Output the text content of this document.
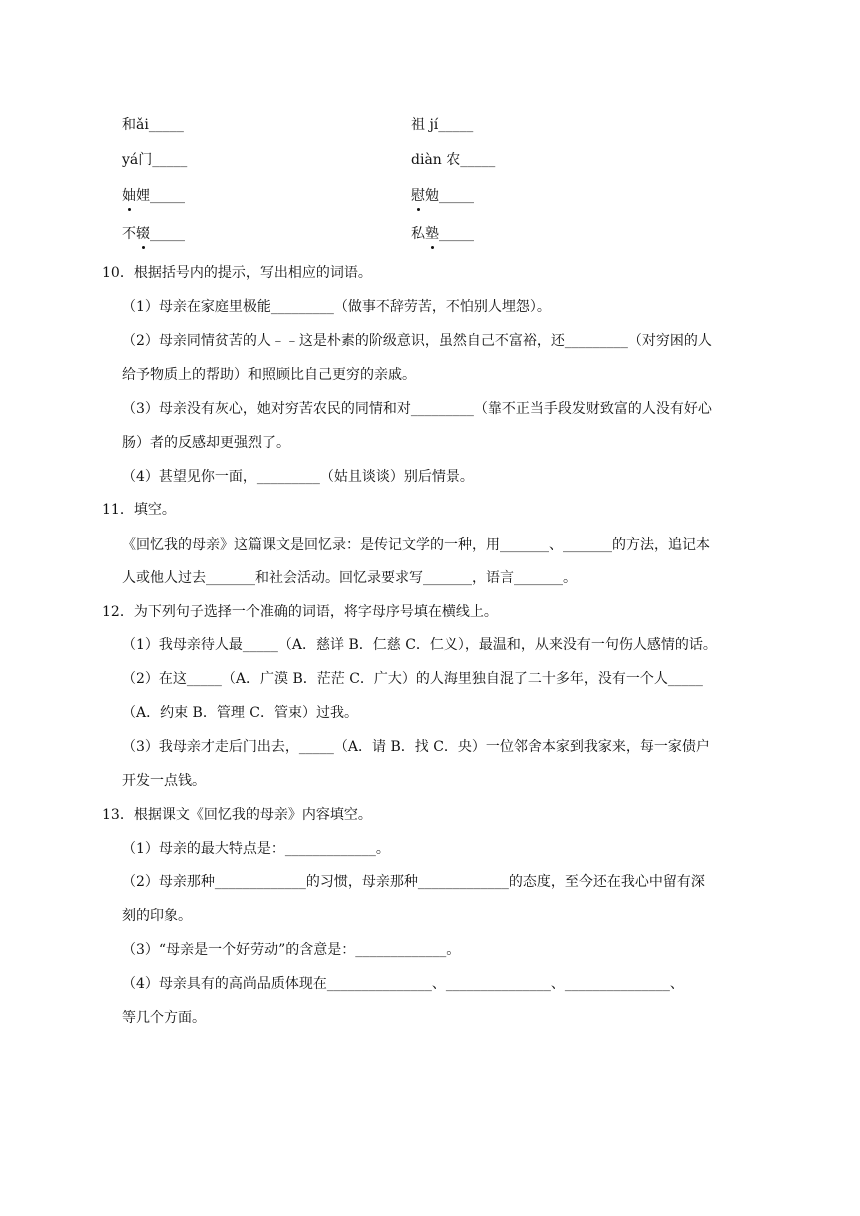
和ǎi_____	祖 jí_____
yá门_____	diàn 农_____
妯娌_____	慰勉_____
不辍_____	私塾_____
10．根据括号内的提示，写出相应的词语。
（1）母亲在家庭里极能_________（做事不辞劳苦，不怕别人埋怨）。
（2）母亲同情贫苦的人﹣﹣这是朴素的阶级意识，虽然自己不富裕，还_________（对穷困的人
给予物质上的帮助）和照顾比自己更穷的亲戚。
（3）母亲没有灰心，她对穷苦农民的同情和对_________（靠不正当手段发财致富的人没有好心
肠）者的反感却更强烈了。
（4）甚望见你一面，_________（姑且谈谈）别后情景。
11．填空。
《回忆我的母亲》这篇课文是回忆录：是传记文学的一种，用_______、_______的方法，追记本
人或他人过去_______和社会活动。回忆录要求写_______，语言_______。
12．为下列句子选择一个准确的词语，将字母序号填在横线上。
（1）我母亲待人最_____（A．慈详 B．仁慈 C．仁义），最温和，从来没有一句伤人感情的话。
（2）在这_____（A．广漠 B．茫茫 C．广大）的人海里独自混了二十多年，没有一个人_____
（A．约束 B．管理 C．管束）过我。
（3）我母亲才走后门出去，_____（A．请 B．找 C．央）一位邻舍本家到我家来，每一家债户
开发一点钱。
13．根据课文《回忆我的母亲》内容填空。
（1）母亲的最大特点是：_____________。
（2）母亲那种_____________的习惯，母亲那种_____________的态度，至今还在我心中留有深
刻的印象。
（3）“母亲是一个好劳动”的含意是：_____________。
（4）母亲具有的高尚品质体现在_______________、_______________、_______________、
等几个方面。
